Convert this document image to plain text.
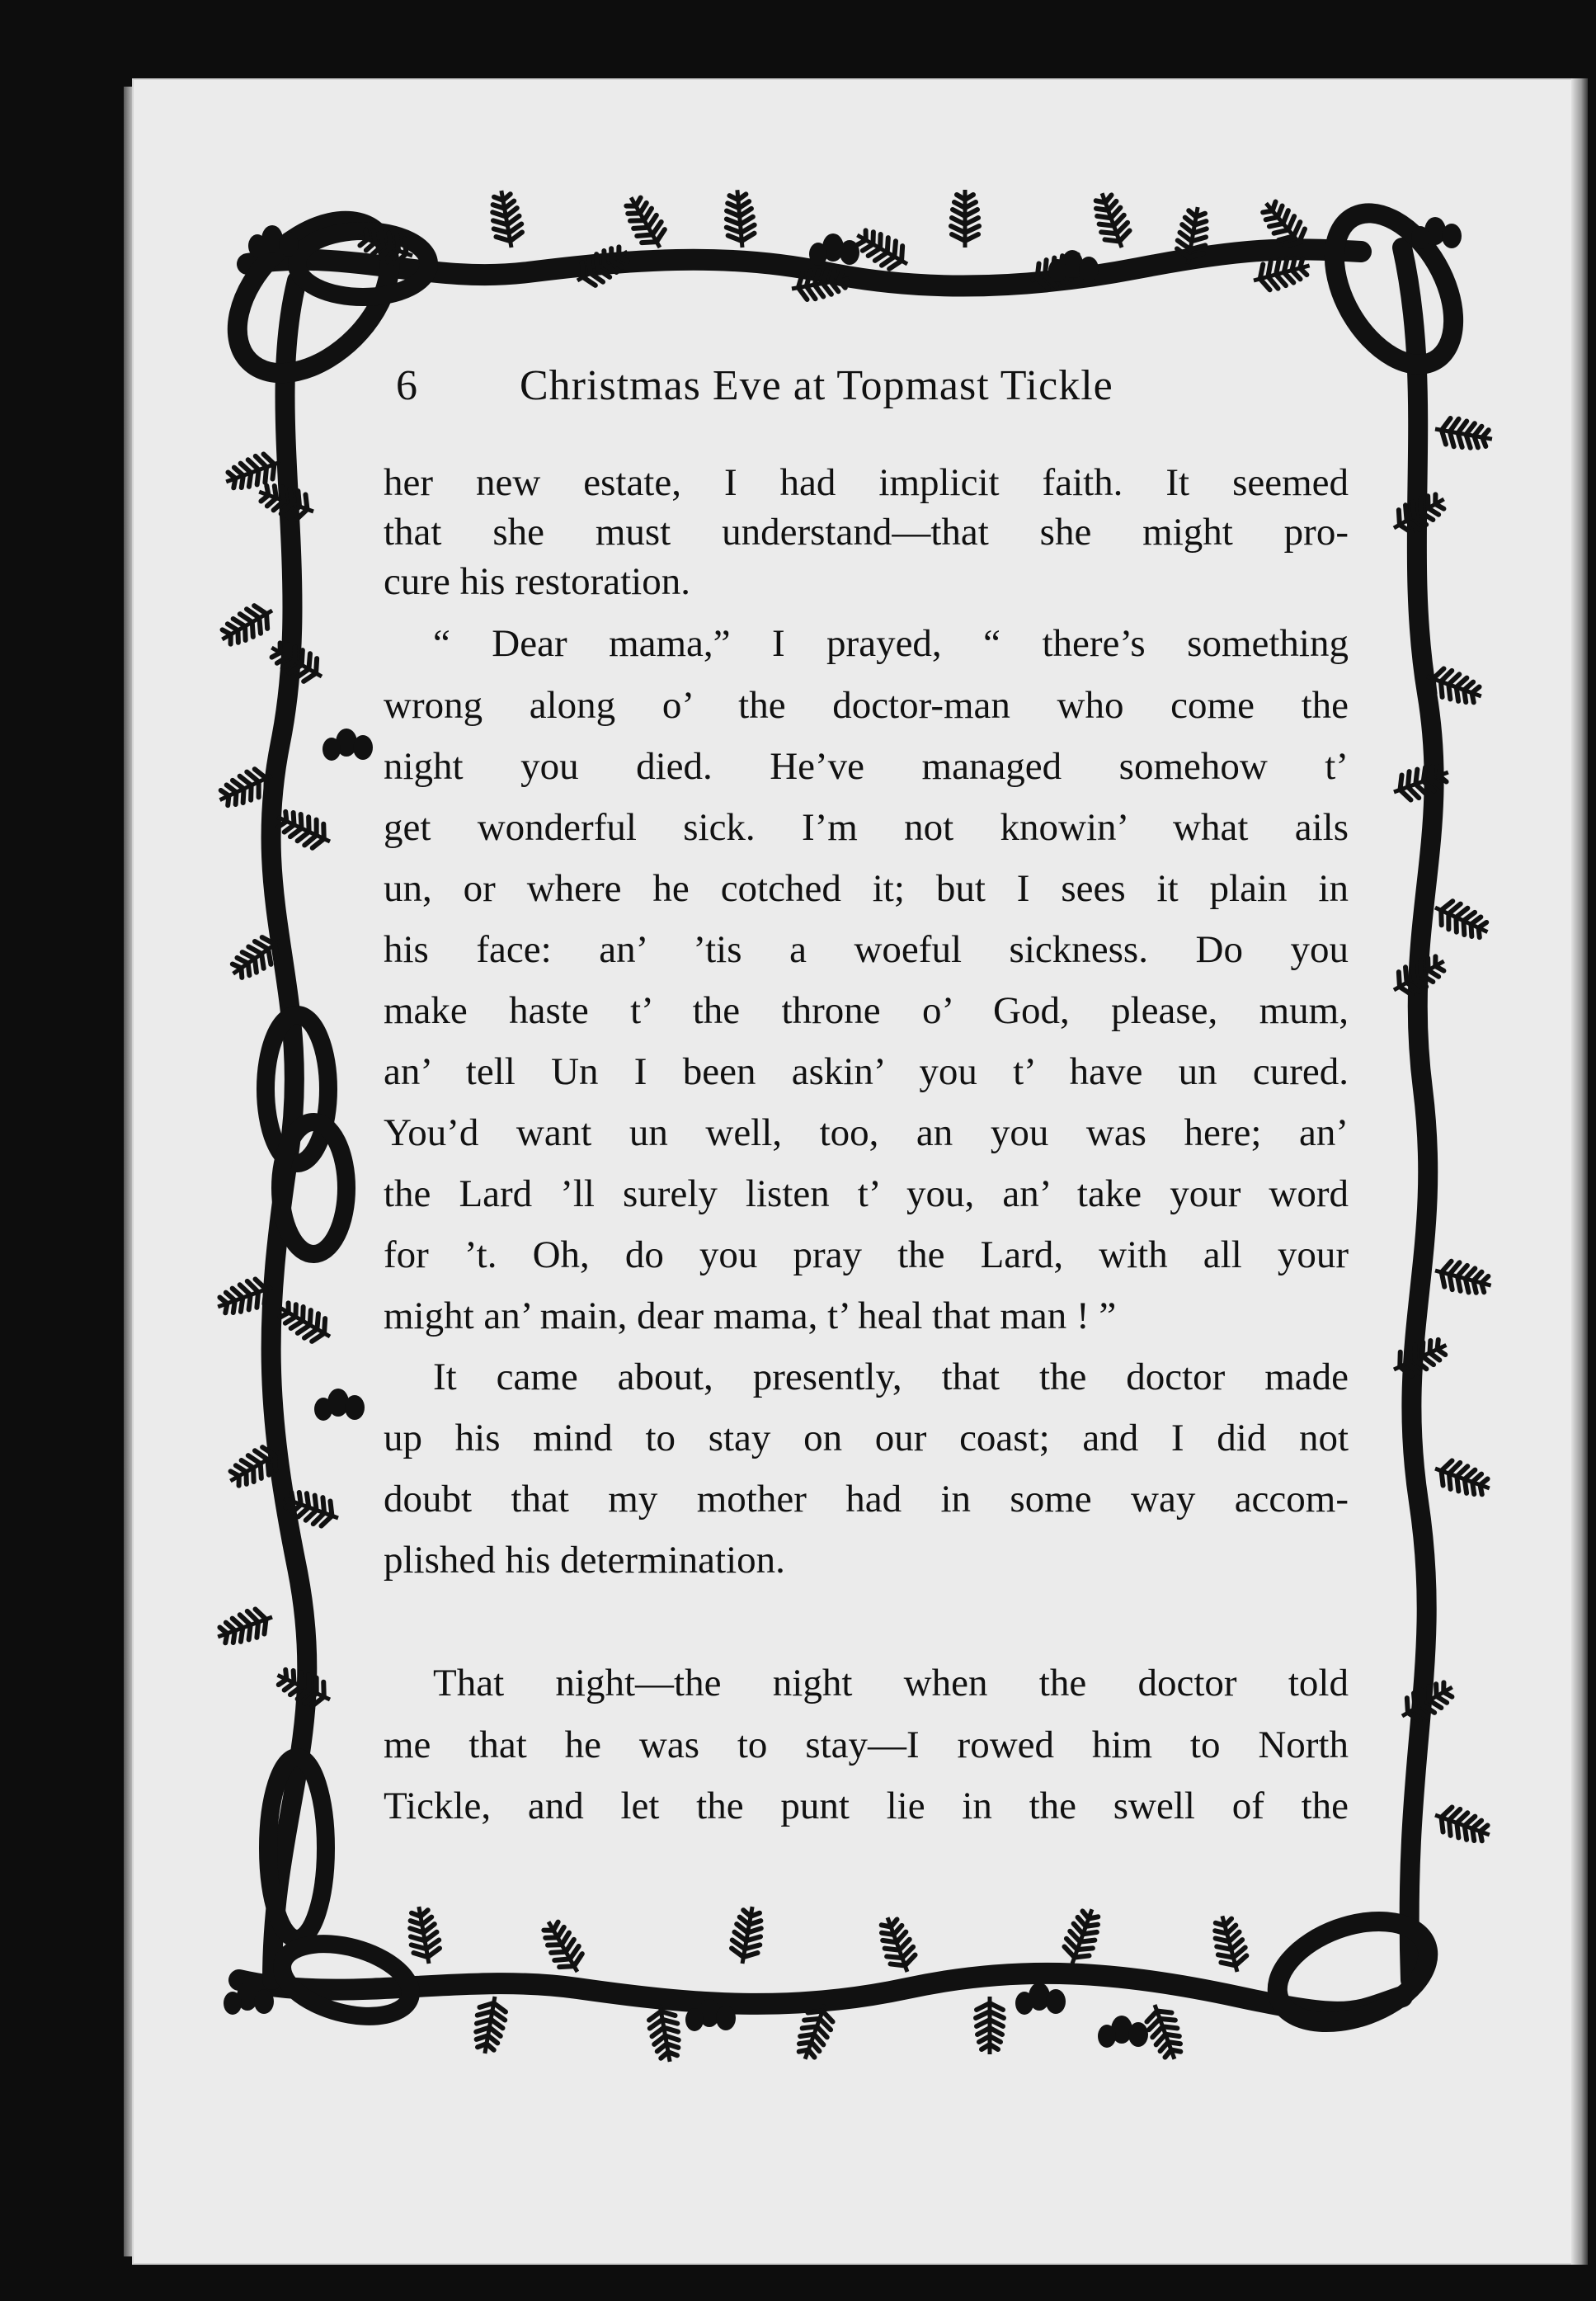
6 Christmas Eve at Topmast Tickle
her new estate, I had implicit faith. It seemed
that she must understand—that she might pro-
cure his restoration.
“ Dear mama,” I prayed, “ there’s something
wrong along o’ the doctor-man who come the
night you died. He’ve managed somehow t’
get wonderful sick. I’m not knowin’ what ails
un, or where he cotched it; but I sees it plain in
his face: an’ ’tis a woeful sickness. Do you
make haste t’ the throne o’ God, please, mum,
an’ tell Un I been askin’ you t’ have un cured.
You’d want un well, too, an you was here; an’
the Lard ’ll surely listen t’ you, an’ take your word
for ’t. Oh, do you pray the Lard, with all your
might an’ main, dear mama, t’ heal that man ! ”
It came about, presently, that the doctor made
up his mind to stay on our coast; and I did not
doubt that my mother had in some way accom-
plished his determination.
That night—the night when the doctor told
me that he was to stay—I rowed him to North
Tickle, and let the punt lie in the swell of the
